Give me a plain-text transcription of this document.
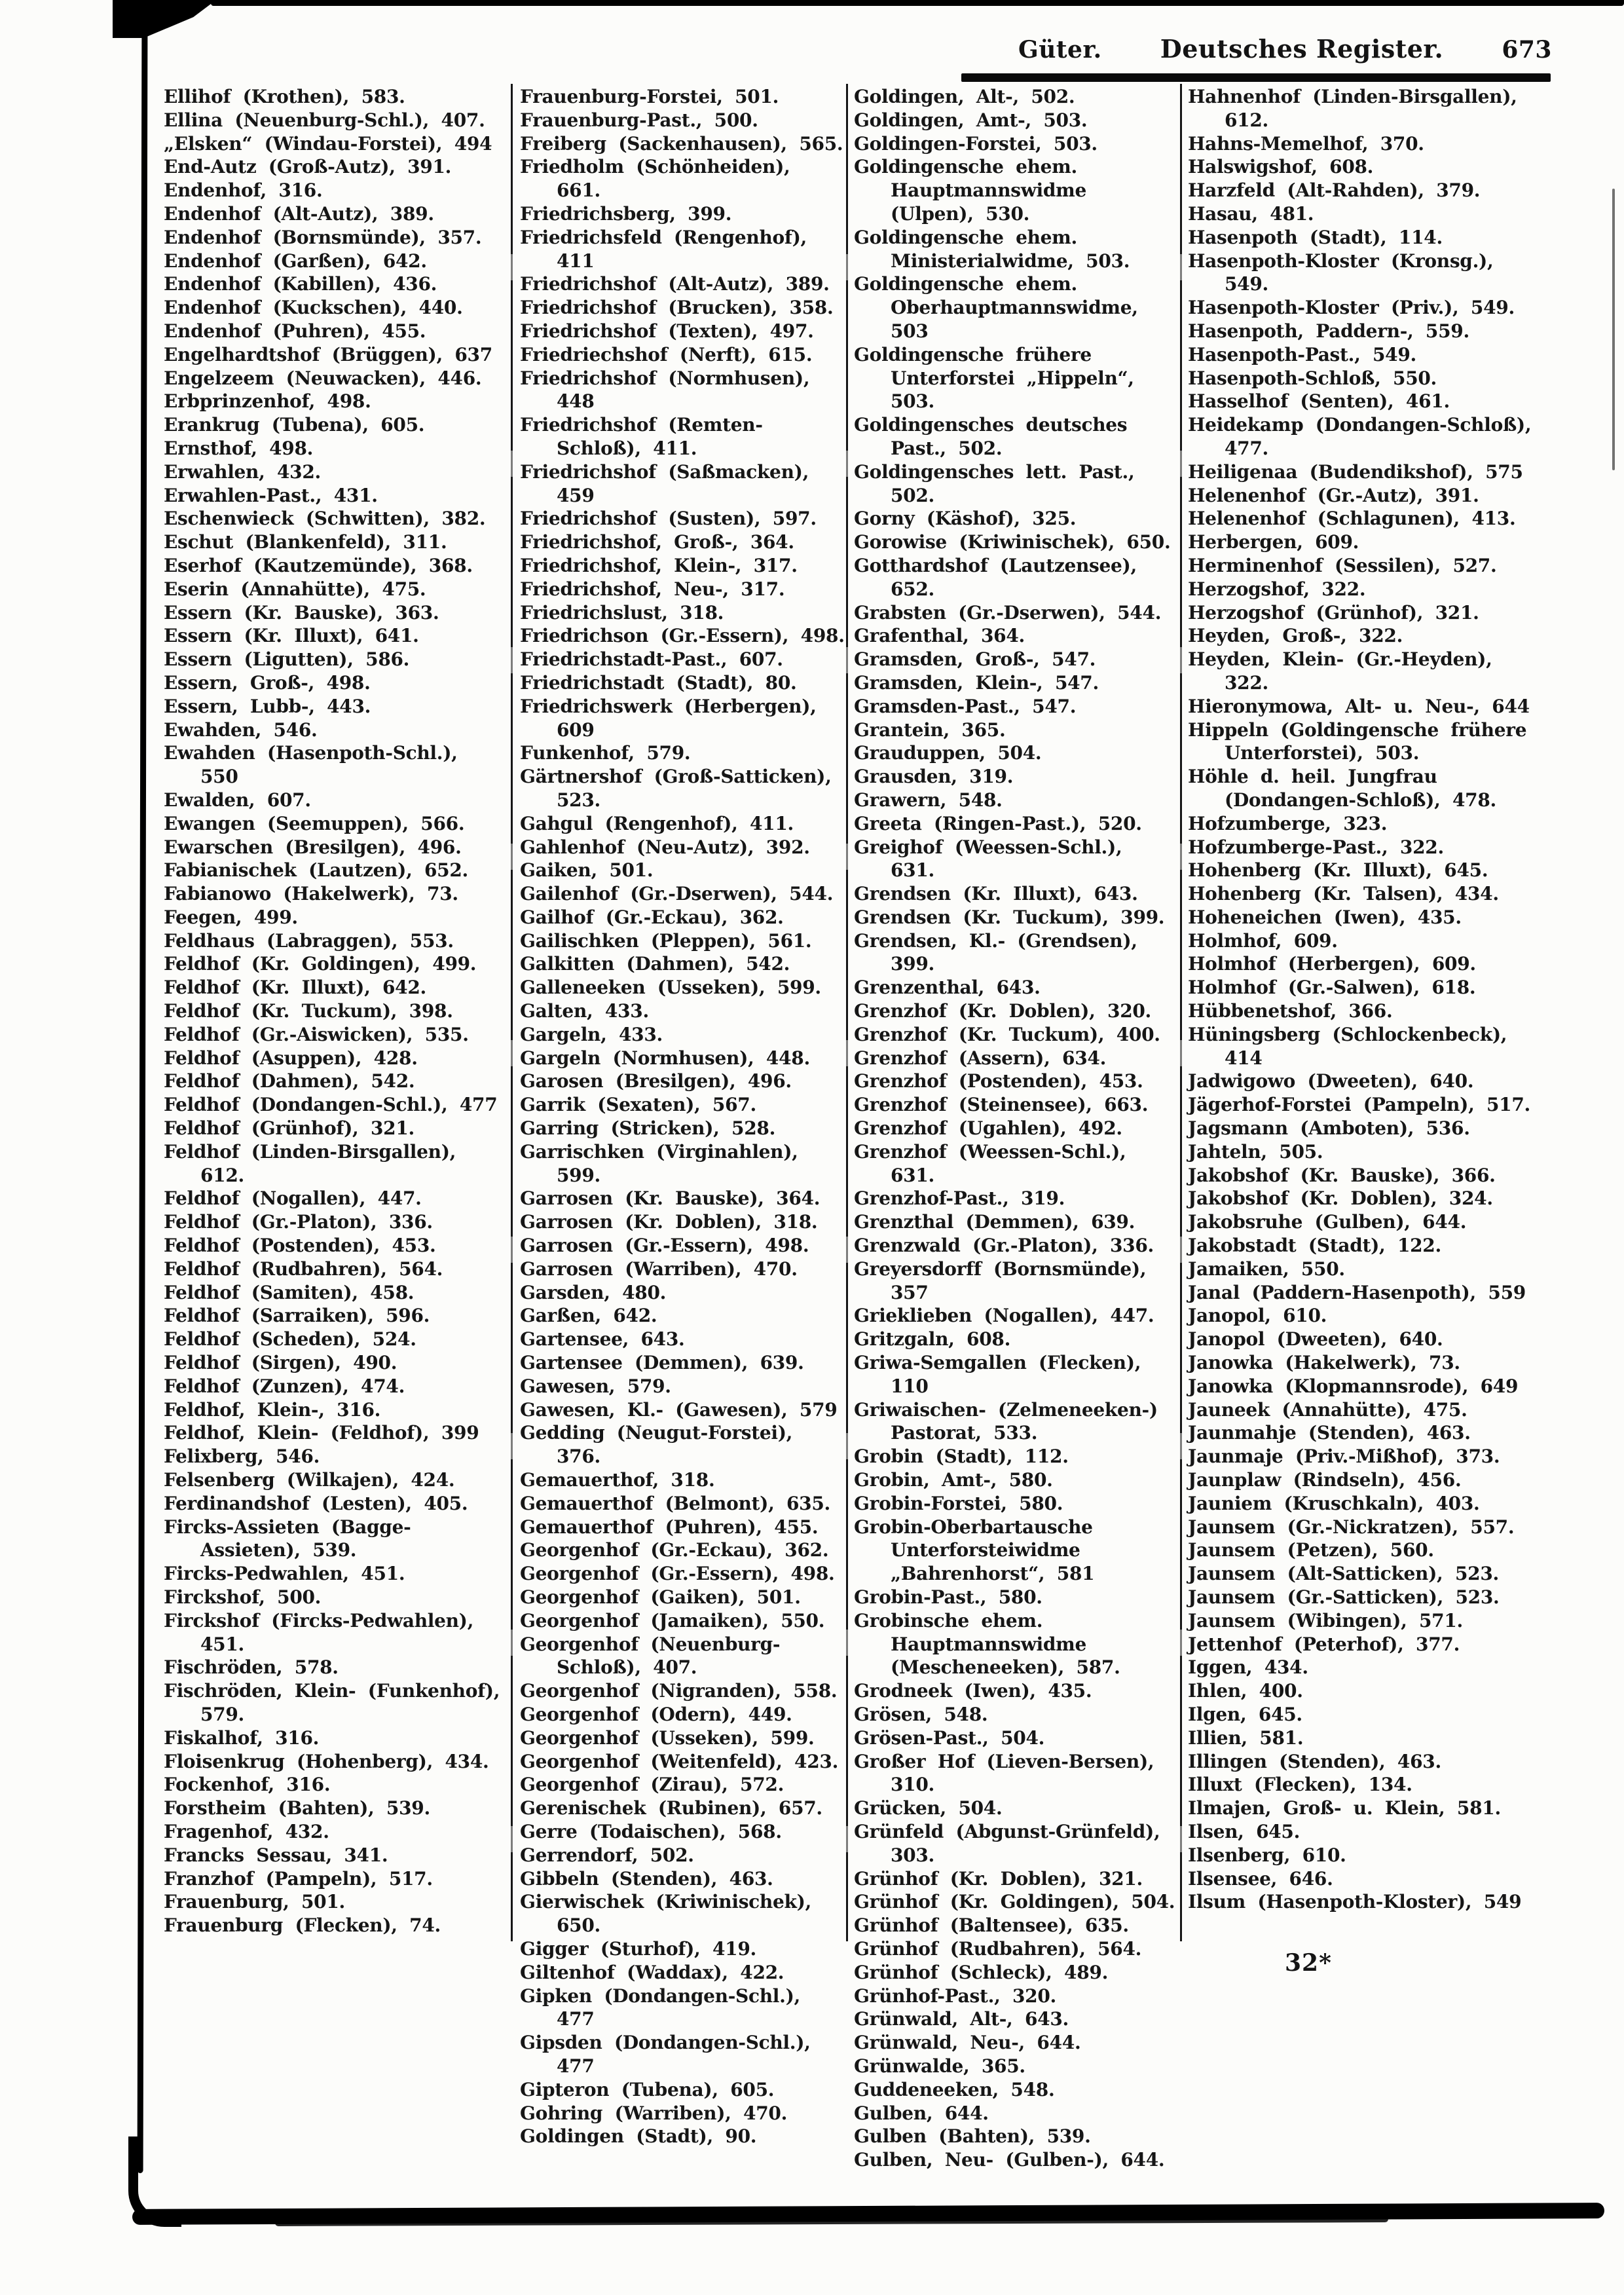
Güter. Deutsches Register. 673
Ellihof (Krothen), 583.
Ellina (Neuenburg-Schl.), 407.
„Elsken“ (Windau-Forstei), 494
End-Autz (Groß-Autz), 391.
Endenhof, 316.
Endenhof (Alt-Autz), 389.
Endenhof (Bornsmünde), 357.
Endenhof (Garßen), 642.
Endenhof (Kabillen), 436.
Endenhof (Kuckschen), 440.
Endenhof (Puhren), 455.
Engelhardtshof (Brüggen), 637
Engelzeem (Neuwacken), 446.
Erbprinzenhof, 498.
Erankrug (Tubena), 605.
Ernsthof, 498.
Erwahlen, 432.
Erwahlen-Past., 431.
Eschenwieck (Schwitten), 382.
Eschut (Blankenfeld), 311.
Eserhof (Kautzemünde), 368.
Eserin (Annahütte), 475.
Essern (Kr. Bauske), 363.
Essern (Kr. Illuxt), 641.
Essern (Ligutten), 586.
Essern, Groß-, 498.
Essern, Lubb-, 443.
Ewahden, 546.
Ewahden (Hasenpoth-Schl.), 550
Ewalden, 607.
Ewangen (Seemuppen), 566.
Ewarschen (Bresilgen), 496.
Fabianischek (Lautzen), 652.
Fabianowo (Hakelwerk), 73.
Feegen, 499.
Feldhaus (Labraggen), 553.
Feldhof (Kr. Goldingen), 499.
Feldhof (Kr. Illuxt), 642.
Feldhof (Kr. Tuckum), 398.
Feldhof (Gr.-Aiswicken), 535.
Feldhof (Asuppen), 428.
Feldhof (Dahmen), 542.
Feldhof (Dondangen-Schl.), 477
Feldhof (Grünhof), 321.
Feldhof (Linden-Birsgallen), 612.
Feldhof (Nogallen), 447.
Feldhof (Gr.-Platon), 336.
Feldhof (Postenden), 453.
Feldhof (Rudbahren), 564.
Feldhof (Samiten), 458.
Feldhof (Sarraiken), 596.
Feldhof (Scheden), 524.
Feldhof (Sirgen), 490.
Feldhof (Zunzen), 474.
Feldhof, Klein-, 316.
Feldhof, Klein- (Feldhof), 399
Felixberg, 546.
Felsenberg (Wilkajen), 424.
Ferdinandshof (Lesten), 405.
Fircks-Assieten (Bagge-Assieten), 539.
Fircks-Pedwahlen, 451.
Firckshof, 500.
Firckshof (Fircks-Pedwahlen), 451.
Fischröden, 578.
Fischröden, Klein- (Funkenhof), 579.
Fiskalhof, 316.
Floisenkrug (Hohenberg), 434.
Fockenhof, 316.
Forstheim (Bahten), 539.
Fragenhof, 432.
Francks Sessau, 341.
Franzhof (Pampeln), 517.
Frauenburg, 501.
Frauenburg (Flecken), 74.
Frauenburg-Forstei, 501.
Frauenburg-Past., 500.
Freiberg (Sackenhausen), 565.
Friedholm (Schönheiden), 661.
Friedrichsberg, 399.
Friedrichsfeld (Rengenhof), 411
Friedrichshof (Alt-Autz), 389.
Friedrichshof (Brucken), 358.
Friedrichshof (Texten), 497.
Friedriechshof (Nerft), 615.
Friedrichshof (Normhusen), 448
Friedrichshof (Remten-Schloß), 411.
Friedrichshof (Saßmacken), 459
Friedrichshof (Susten), 597.
Friedrichshof, Groß-, 364.
Friedrichshof, Klein-, 317.
Friedrichshof, Neu-, 317.
Friedrichslust, 318.
Friedrichson (Gr.-Essern), 498.
Friedrichstadt-Past., 607.
Friedrichstadt (Stadt), 80.
Friedrichswerk (Herbergen), 609
Funkenhof, 579.
Gärtnershof (Groß-Satticken), 523.
Gahgul (Rengenhof), 411.
Gahlenhof (Neu-Autz), 392.
Gaiken, 501.
Gailenhof (Gr.-Dserwen), 544.
Gailhof (Gr.-Eckau), 362.
Gailischken (Pleppen), 561.
Galkitten (Dahmen), 542.
Galleneeken (Usseken), 599.
Galten, 433.
Gargeln, 433.
Gargeln (Normhusen), 448.
Garosen (Bresilgen), 496.
Garrik (Sexaten), 567.
Garring (Stricken), 528.
Garrischken (Virginahlen), 599.
Garrosen (Kr. Bauske), 364.
Garrosen (Kr. Doblen), 318.
Garrosen (Gr.-Essern), 498.
Garrosen (Warriben), 470.
Garsden, 480.
Garßen, 642.
Gartensee, 643.
Gartensee (Demmen), 639.
Gawesen, 579.
Gawesen, Kl.- (Gawesen), 579
Gedding (Neugut-Forstei), 376.
Gemauerthof, 318.
Gemauerthof (Belmont), 635.
Gemauerthof (Puhren), 455.
Georgenhof (Gr.-Eckau), 362.
Georgenhof (Gr.-Essern), 498.
Georgenhof (Gaiken), 501.
Georgenhof (Jamaiken), 550.
Georgenhof (Neuenburg-Schloß), 407.
Georgenhof (Nigranden), 558.
Georgenhof (Odern), 449.
Georgenhof (Usseken), 599.
Georgenhof (Weitenfeld), 423.
Georgenhof (Zirau), 572.
Gerenischek (Rubinen), 657.
Gerre (Todaischen), 568.
Gerrendorf, 502.
Gibbeln (Stenden), 463.
Gierwischek (Kriwinischek), 650.
Gigger (Sturhof), 419.
Giltenhof (Waddax), 422.
Gipken (Dondangen-Schl.), 477
Gipsden (Dondangen-Schl.), 477
Gipteron (Tubena), 605.
Gohring (Warriben), 470.
Goldingen (Stadt), 90.
Goldingen, Alt-, 502.
Goldingen, Amt-, 503.
Goldingen-Forstei, 503.
Goldingensche ehem. Hauptmannswidme (Ulpen), 530.
Goldingensche ehem. Ministerialwidme, 503.
Goldingensche ehem. Oberhauptmannswidme, 503
Goldingensche frühere Unterforstei „Hippeln“, 503.
Goldingensches deutsches Past., 502.
Goldingensches lett. Past., 502.
Gorny (Käshof), 325.
Gorowise (Kriwinischek), 650.
Gotthardshof (Lautzensee), 652.
Grabsten (Gr.-Dserwen), 544.
Grafenthal, 364.
Gramsden, Groß-, 547.
Gramsden, Klein-, 547.
Gramsden-Past., 547.
Grantein, 365.
Grauduppen, 504.
Grausden, 319.
Grawern, 548.
Greeta (Ringen-Past.), 520.
Greighof (Weessen-Schl.), 631.
Grendsen (Kr. Illuxt), 643.
Grendsen (Kr. Tuckum), 399.
Grendsen, Kl.- (Grendsen), 399.
Grenzenthal, 643.
Grenzhof (Kr. Doblen), 320.
Grenzhof (Kr. Tuckum), 400.
Grenzhof (Assern), 634.
Grenzhof (Postenden), 453.
Grenzhof (Steinensee), 663.
Grenzhof (Ugahlen), 492.
Grenzhof (Weessen-Schl.), 631.
Grenzhof-Past., 319.
Grenzthal (Demmen), 639.
Grenzwald (Gr.-Platon), 336.
Greyersdorff (Bornsmünde), 357
Grieklieben (Nogallen), 447.
Gritzgaln, 608.
Griwa-Semgallen (Flecken), 110
Griwaischen- (Zelmeneeken-) Pastorat, 533.
Grobin (Stadt), 112.
Grobin, Amt-, 580.
Grobin-Forstei, 580.
Grobin-Oberbartausche Unterforsteiwidme „Bahrenhorst“, 581
Grobin-Past., 580.
Grobinsche ehem. Hauptmannswidme (Mescheneeken), 587.
Grodneek (Iwen), 435.
Grösen, 548.
Grösen-Past., 504.
Großer Hof (Lieven-Bersen), 310.
Grücken, 504.
Grünfeld (Abgunst-Grünfeld), 303.
Grünhof (Kr. Doblen), 321.
Grünhof (Kr. Goldingen), 504.
Grünhof (Baltensee), 635.
Grünhof (Rudbahren), 564.
Grünhof (Schleck), 489.
Grünhof-Past., 320.
Grünwald, Alt-, 643.
Grünwald, Neu-, 644.
Grünwalde, 365.
Guddeneeken, 548.
Gulben, 644.
Gulben (Bahten), 539.
Gulben, Neu- (Gulben-), 644.
Hahnenhof (Linden-Birsgallen), 612.
Hahns-Memelhof, 370.
Halswigshof, 608.
Harzfeld (Alt-Rahden), 379.
Hasau, 481.
Hasenpoth (Stadt), 114.
Hasenpoth-Kloster (Kronsg.), 549.
Hasenpoth-Kloster (Priv.), 549.
Hasenpoth, Paddern-, 559.
Hasenpoth-Past., 549.
Hasenpoth-Schloß, 550.
Hasselhof (Senten), 461.
Heidekamp (Dondangen-Schloß), 477.
Heiligenaa (Budendikshof), 575
Helenenhof (Gr.-Autz), 391.
Helenenhof (Schlagunen), 413.
Herbergen, 609.
Herminenhof (Sessilen), 527.
Herzogshof, 322.
Herzogshof (Grünhof), 321.
Heyden, Groß-, 322.
Heyden, Klein- (Gr.-Heyden), 322.
Hieronymowa, Alt- u. Neu-, 644
Hippeln (Goldingensche frühere Unterforstei), 503.
Höhle d. heil. Jungfrau (Dondangen-Schloß), 478.
Hofzumberge, 323.
Hofzumberge-Past., 322.
Hohenberg (Kr. Illuxt), 645.
Hohenberg (Kr. Talsen), 434.
Hoheneichen (Iwen), 435.
Holmhof, 609.
Holmhof (Herbergen), 609.
Holmhof (Gr.-Salwen), 618.
Hübbenetshof, 366.
Hüningsberg (Schlockenbeck), 414
Jadwigowo (Dweeten), 640.
Jägerhof-Forstei (Pampeln), 517.
Jagsmann (Amboten), 536.
Jahteln, 505.
Jakobshof (Kr. Bauske), 366.
Jakobshof (Kr. Doblen), 324.
Jakobsruhe (Gulben), 644.
Jakobstadt (Stadt), 122.
Jamaiken, 550.
Janal (Paddern-Hasenpoth), 559
Janopol, 610.
Janopol (Dweeten), 640.
Janowka (Hakelwerk), 73.
Janowka (Klopmannsrode), 649
Jauneek (Annahütte), 475.
Jaunmahje (Stenden), 463.
Jaunmaje (Priv.-Mißhof), 373.
Jaunplaw (Rindseln), 456.
Jauniem (Kruschkaln), 403.
Jaunsem (Gr.-Nickratzen), 557.
Jaunsem (Petzen), 560.
Jaunsem (Alt-Satticken), 523.
Jaunsem (Gr.-Satticken), 523.
Jaunsem (Wibingen), 571.
Jettenhof (Peterhof), 377.
Iggen, 434.
Ihlen, 400.
Ilgen, 645.
Illien, 581.
Illingen (Stenden), 463.
Illuxt (Flecken), 134.
Ilmajen, Groß- u. Klein, 581.
Ilsen, 645.
Ilsenberg, 610.
Ilsensee, 646.
Ilsum (Hasenpoth-Kloster), 549
32*
